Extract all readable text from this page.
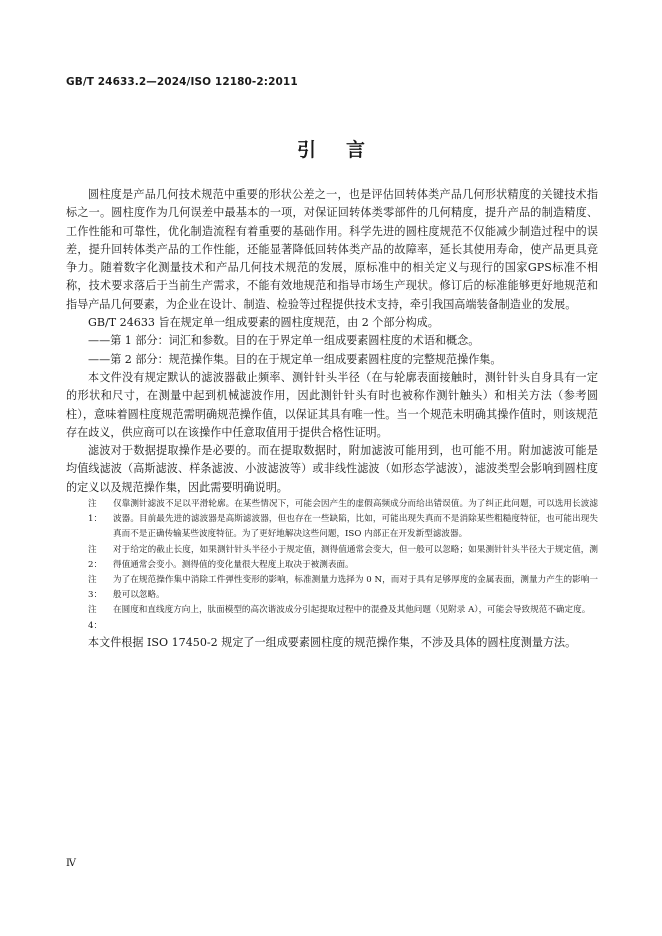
GB/T 24633.2—2024/ISO 12180-2:2011
引 言

圆柱度是产品几何技术规范中重要的形状公差之一，也是评估回转体类产品几何形状精度的关键技术指标之一。圆柱度作为几何误差中最基本的一项，对保证回转体类零部件的几何精度，提升产品的制造精度、工作性能和可靠性，优化制造流程有着重要的基础作用。科学先进的圆柱度规范不仅能减少制造过程中的误差，提升回转体类产品的工作性能，还能显著降低回转体类产品的故障率，延长其使用寿命，使产品更具竞争力。随着数字化测量技术和产品几何技术规范的发展，原标准中的相关定义与现行的国家GPS标准不相称，技术要求落后于当前生产需求，不能有效地规范和指导市场生产现状。修订后的标准能够更好地规范和指导产品几何要素，为企业在设计、制造、检验等过程提供技术支持，牵引我国高端装备制造业的发展。

GB/T 24633 旨在规定单一组成要素的圆柱度规范，由 2 个部分构成。

——第 1 部分：词汇和参数。目的在于界定单一组成要素圆柱度的术语和概念。

——第 2 部分：规范操作集。目的在于规定单一组成要素圆柱度的完整规范操作集。

本文件没有规定默认的滤波器截止频率、测针针头半径（在与轮廓表面接触时，测针针头自身具有一定的形状和尺寸，在测量中起到机械滤波作用，因此测针针头有时也被称作测针触头）和相关方法（参考圆柱），意味着圆柱度规范需明确规范操作值，以保证其具有唯一性。当一个规范未明确其操作值时，则该规范存在歧义，供应商可以在该操作中任意取值用于提供合格性证明。

滤波对于数据提取操作是必要的。而在提取数据时，附加滤波可能用到，也可能不用。附加滤波可能是均值线滤波（高斯滤波、样条滤波、小波滤波等）或非线性滤波（如形态学滤波），滤波类型会影响到圆柱度的定义以及规范操作集，因此需要明确说明。

注 1：
仅靠测针滤波不足以平滑轮廓。在某些情况下，可能会因产生的虚假高频成分而给出错误值。为了纠正此问题，可以选用长波滤波器。目前最先进的滤波器是高斯滤波器，但也存在一些缺陷，比如，可能出现失真而不是消除某些粗糙度特征，也可能出现失真而不是正确传输某些波度特征。为了更好地解决这些问题，ISO 内部正在开发新型滤波器。
注 2：
对于给定的截止长度，如果测针针头半径小于规定值，测得值通常会变大，但一般可以忽略；如果测针针头半径大于规定值，测得值通常会变小。测得值的变化量很大程度上取决于被测表面。
注 3：
为了在规范操作集中消除工件弹性变形的影响，标准测量力选择为 0 N，而对于具有足够厚度的金属表面，测量力产生的影响一般可以忽略。
注 4：
在圆度和直线度方向上，肽面模型的高次谐波成分引起提取过程中的混叠及其他问题（见附录 A），可能会导致规范不确定度。

本文件根据 ISO 17450-2 规定了一组成要素圆柱度的规范操作集，不涉及具体的圆柱度测量方法。

Ⅳ
